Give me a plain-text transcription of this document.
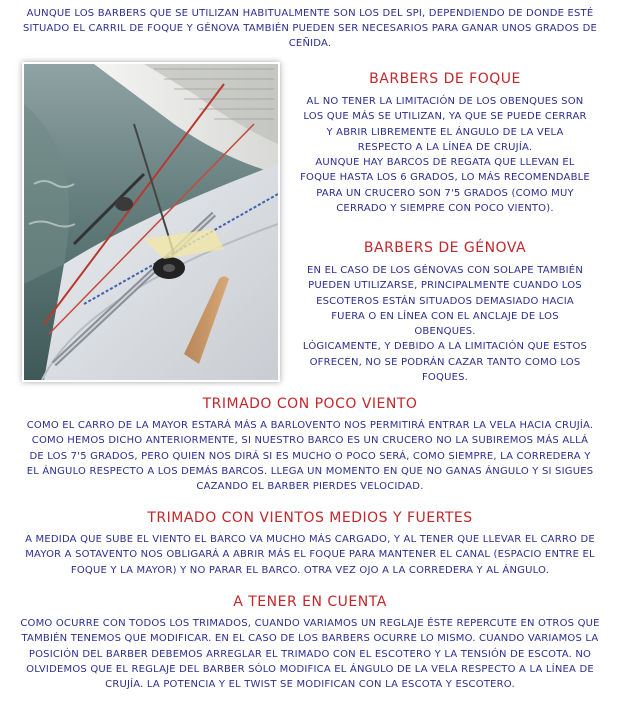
AUNQUE LOS BARBERS QUE SE UTILIZAN HABITUALMENTE SON LOS DEL SPI, DEPENDIENDO DE DONDE ESTÉ SITUADO EL CARRIL DE FOQUE Y GÉNOVA TAMBIÉN PUEDEN SER NECESARIOS PARA GANAR UNOS GRADOS DE CEÑIDA.
BARBERS DE FOQUE

AL NO TENER LA LIMITACIÓN DE LOS OBENQUES SON LOS QUE MÁS SE UTILIZAN, YA QUE SE PUEDE CERRAR Y ABRIR LIBREMENTE EL ÁNGULO DE LA VELA RESPECTO A LA LÍNEA DE CRUJÍA.

AUNQUE HAY BARCOS DE REGATA QUE LLEVAN EL FOQUE HASTA LOS 6 GRADOS, LO MÁS RECOMENDABLE PARA UN CRUCERO SON 7'5 GRADOS (COMO MUY CERRADO Y SIEMPRE CON POCO VIENTO).

BARBERS DE GÉNOVA

EN EL CASO DE LOS GÉNOVAS CON SOLAPE TAMBIÉN PUEDEN UTILIZARSE, PRINCIPALMENTE CUANDO LOS ESCOTEROS ESTÁN SITUADOS DEMASIADO HACIA FUERA O EN LÍNEA CON EL ANCLAJE DE LOS OBENQUES.

LÓGICAMENTE, Y DEBIDO A LA LIMITACIÓN QUE ESTOS OFRECEN, NO SE PODRÁN CAZAR TANTO COMO LOS FOQUES.

TRIMADO CON POCO VIENTO
COMO EL CARRO DE LA MAYOR ESTARÁ MÁS A BARLOVENTO NOS PERMITIRÁ ENTRAR LA VELA HACIA CRUJÍA. COMO HEMOS DICHO ANTERIORMENTE, SI NUESTRO BARCO ES UN CRUCERO NO LA SUBIREMOS MÁS ALLÁ DE LOS 7'5 GRADOS, PERO QUIEN NOS DIRÁ SI ES MUCHO O POCO SERÁ, COMO SIEMPRE, LA CORREDERA Y EL ÁNGULO RESPECTO A LOS DEMÁS BARCOS. LLEGA UN MOMENTO EN QUE NO GANAS ÁNGULO Y SI SIGUES CAZANDO EL BARBER PIERDES VELOCIDAD.
TRIMADO CON VIENTOS MEDIOS Y FUERTES
A MEDIDA QUE SUBE EL VIENTO EL BARCO VA MUCHO MÁS CARGADO, Y AL TENER QUE LLEVAR EL CARRO DE MAYOR A SOTAVENTO NOS OBLIGARÁ A ABRIR MÁS EL FOQUE PARA MANTENER EL CANAL (ESPACIO ENTRE EL FOQUE Y LA MAYOR) Y NO PARAR EL BARCO. OTRA VEZ OJO A LA CORREDERA Y AL ÁNGULO.
A TENER EN CUENTA
COMO OCURRE CON TODOS LOS TRIMADOS, CUANDO VARIAMOS UN REGLAJE ÉSTE REPERCUTE EN OTROS QUE TAMBIÉN TENEMOS QUE MODIFICAR. EN EL CASO DE LOS BARBERS OCURRE LO MISMO. CUANDO VARIAMOS LA POSICIÓN DEL BARBER DEBEMOS ARREGLAR EL TRIMADO CON EL ESCOTERO Y LA TENSIÓN DE ESCOTA. NO OLVIDEMOS QUE EL REGLAJE DEL BARBER SÓLO MODIFICA EL ÁNGULO DE LA VELA RESPECTO A LA LÍNEA DE CRUJÍA. LA POTENCIA Y EL TWIST SE MODIFICAN CON LA ESCOTA Y ESCOTERO.
